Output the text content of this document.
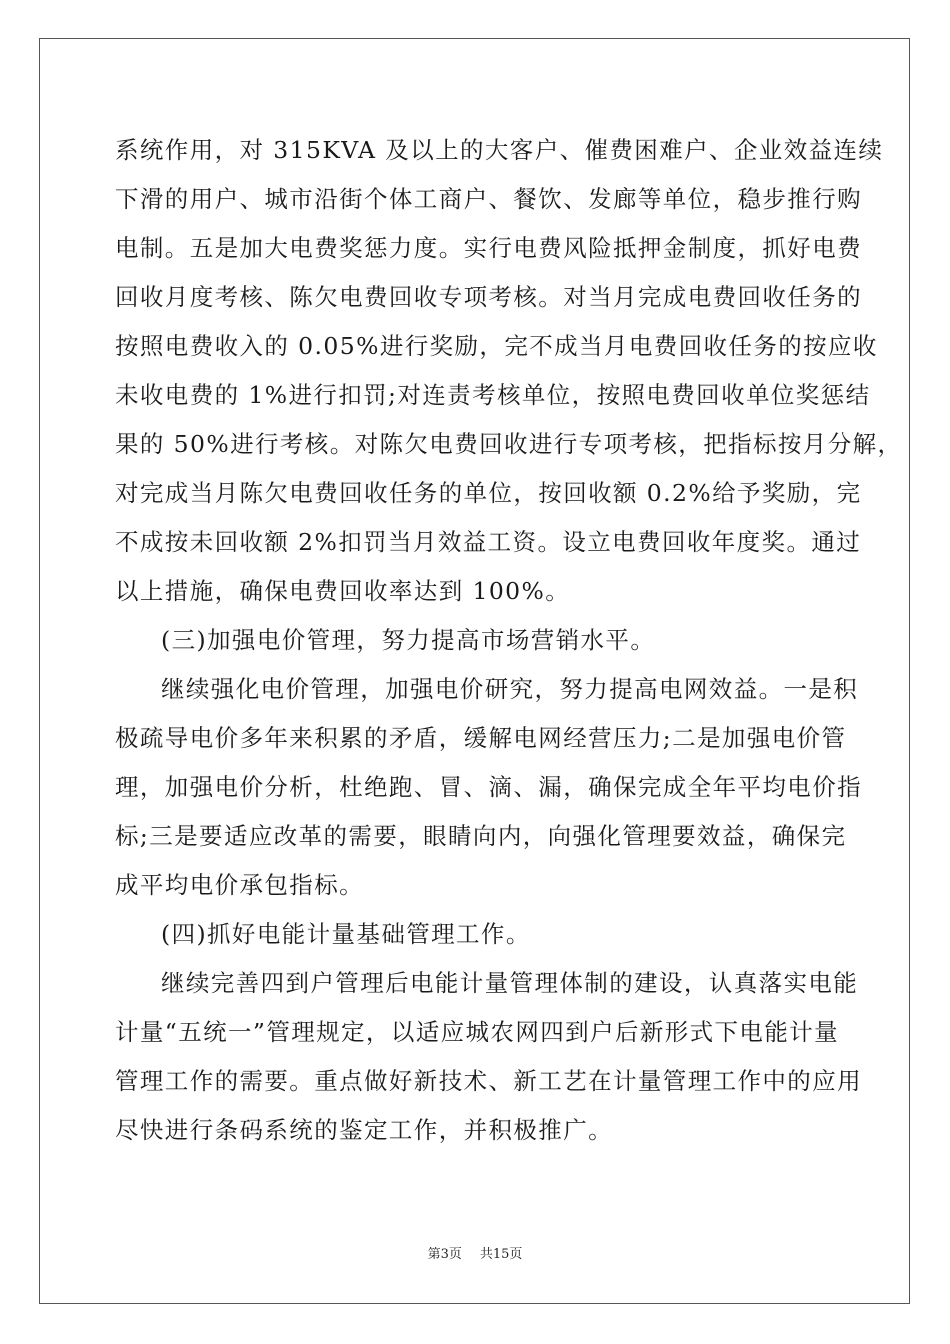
系统作用，对 315KVA 及以上的大客户、催费困难户、企业效益连续
下滑的用户、城市沿街个体工商户、餐饮、发廊等单位，稳步推行购
电制。五是加大电费奖惩力度。实行电费风险抵押金制度，抓好电费
回收月度考核、陈欠电费回收专项考核。对当月完成电费回收任务的
按照电费收入的 0.05%进行奖励，完不成当月电费回收任务的按应收
未收电费的 1%进行扣罚;对连责考核单位，按照电费回收单位奖惩结
果的 50%进行考核。对陈欠电费回收进行专项考核，把指标按月分解，
对完成当月陈欠电费回收任务的单位，按回收额 0.2%给予奖励，完
不成按未回收额 2%扣罚当月效益工资。设立电费回收年度奖。通过
以上措施，确保电费回收率达到 100%。
(三)加强电价管理，努力提高市场营销水平。
继续强化电价管理，加强电价研究，努力提高电网效益。一是积
极疏导电价多年来积累的矛盾，缓解电网经营压力;二是加强电价管
理，加强电价分析，杜绝跑、冒、滴、漏，确保完成全年平均电价指
标;三是要适应改革的需要，眼睛向内，向强化管理要效益，确保完
成平均电价承包指标。
(四)抓好电能计量基础管理工作。
继续完善四到户管理后电能计量管理体制的建设，认真落实电能
计量“五统一”管理规定，以适应城农网四到户后新形式下电能计量
管理工作的需要。重点做好新技术、新工艺在计量管理工作中的应用
尽快进行条码系统的鉴定工作，并积极推广。
第3页 共15页
